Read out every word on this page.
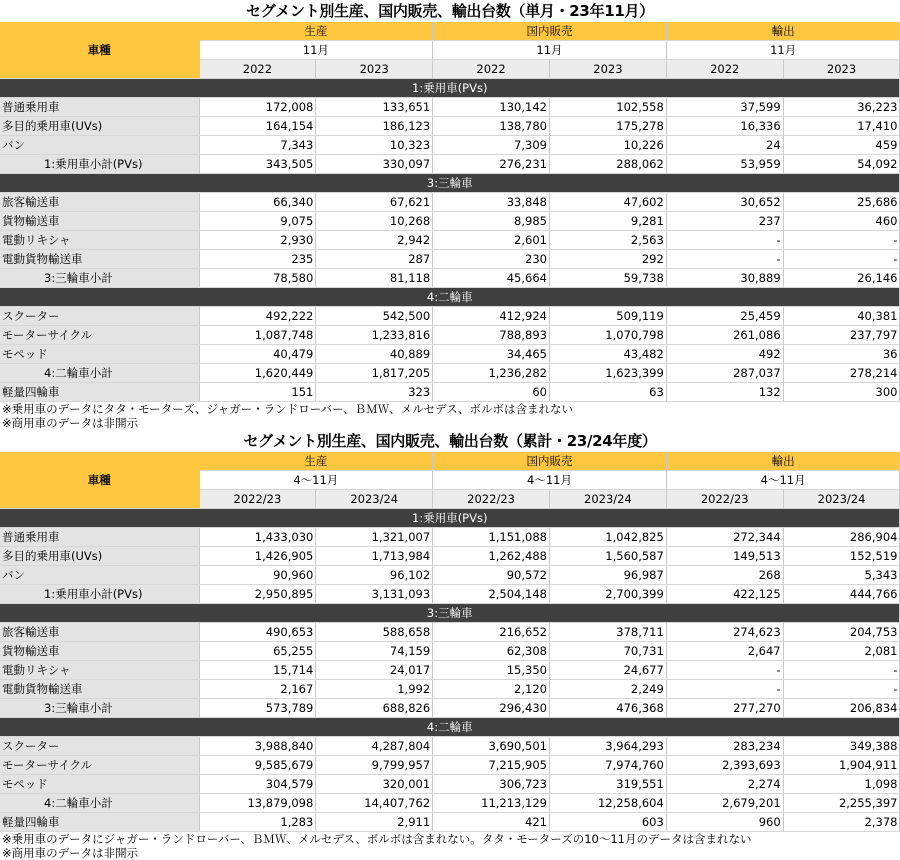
セグメント別生産、国内販売、輸出台数（単月・23年11月）
車種	生産		国内販売		輸出	
	11月		11月		11月	
	2022	2023	2022	2023	2022	2023
1:乗用車(PVs)						
普通乗用車	172,008	133,651	130,142	102,558	37,599	36,223
多目的乗用車(UVs)	164,154	186,123	138,780	175,278	16,336	17,410
バン	7,343	10,323	7,309	10,226	24	459
1:乗用車小計(PVs)	343,505	330,097	276,231	288,062	53,959	54,092
3:三輪車						
旅客輸送車	66,340	67,621	33,848	47,602	30,652	25,686
貨物輸送車	9,075	10,268	8,985	9,281	237	460
電動リキシャ	2,930	2,942	2,601	2,563	-	-
電動貨物輸送車	235	287	230	292	-	-
3:三輪車小計	78,580	81,118	45,664	59,738	30,889	26,146
4:二輪車						
スクーター	492,222	542,500	412,924	509,119	25,459	40,381
モーターサイクル	1,087,748	1,233,816	788,893	1,070,798	261,086	237,797
モペッド	40,479	40,889	34,465	43,482	492	36
4:二輪車小計	1,620,449	1,817,205	1,236,282	1,623,399	287,037	278,214
軽量四輪車	151	323	60	63	132	300
※乗用車のデータにタタ・モーターズ、ジャガー・ランドローバー、ＢＭＷ、メルセデス、ボルボは含まれない
※商用車のデータは非開示
セグメント別生産、国内販売、輸出台数（累計・23/24年度）
車種	生産		国内販売		輸出	
	4～11月		4～11月		4～11月	
	2022/23	2023/24	2022/23	2023/24	2022/23	2023/24
1:乗用車(PVs)						
普通乗用車	1,433,030	1,321,007	1,151,088	1,042,825	272,344	286,904
多目的乗用車(UVs)	1,426,905	1,713,984	1,262,488	1,560,587	149,513	152,519
バン	90,960	96,102	90,572	96,987	268	5,343
1:乗用車小計(PVs)	2,950,895	3,131,093	2,504,148	2,700,399	422,125	444,766
3:三輪車						
旅客輸送車	490,653	588,658	216,652	378,711	274,623	204,753
貨物輸送車	65,255	74,159	62,308	70,731	2,647	2,081
電動リキシャ	15,714	24,017	15,350	24,677	-	-
電動貨物輸送車	2,167	1,992	2,120	2,249	-	-
3:三輪車小計	573,789	688,826	296,430	476,368	277,270	206,834
4:二輪車						
スクーター	3,988,840	4,287,804	3,690,501	3,964,293	283,234	349,388
モーターサイクル	9,585,679	9,799,957	7,215,905	7,974,760	2,393,693	1,904,911
モペッド	304,579	320,001	306,723	319,551	2,274	1,098
4:二輪車小計	13,879,098	14,407,762	11,213,129	12,258,604	2,679,201	2,255,397
軽量四輪車	1,283	2,911	421	603	960	2,378
※乗用車のデータにジャガー・ランドローバー、ＢＭＷ、メルセデス、ボルボは含まれない。タタ・モーターズの10～11月のデータは含まれない
※商用車のデータは非開示
